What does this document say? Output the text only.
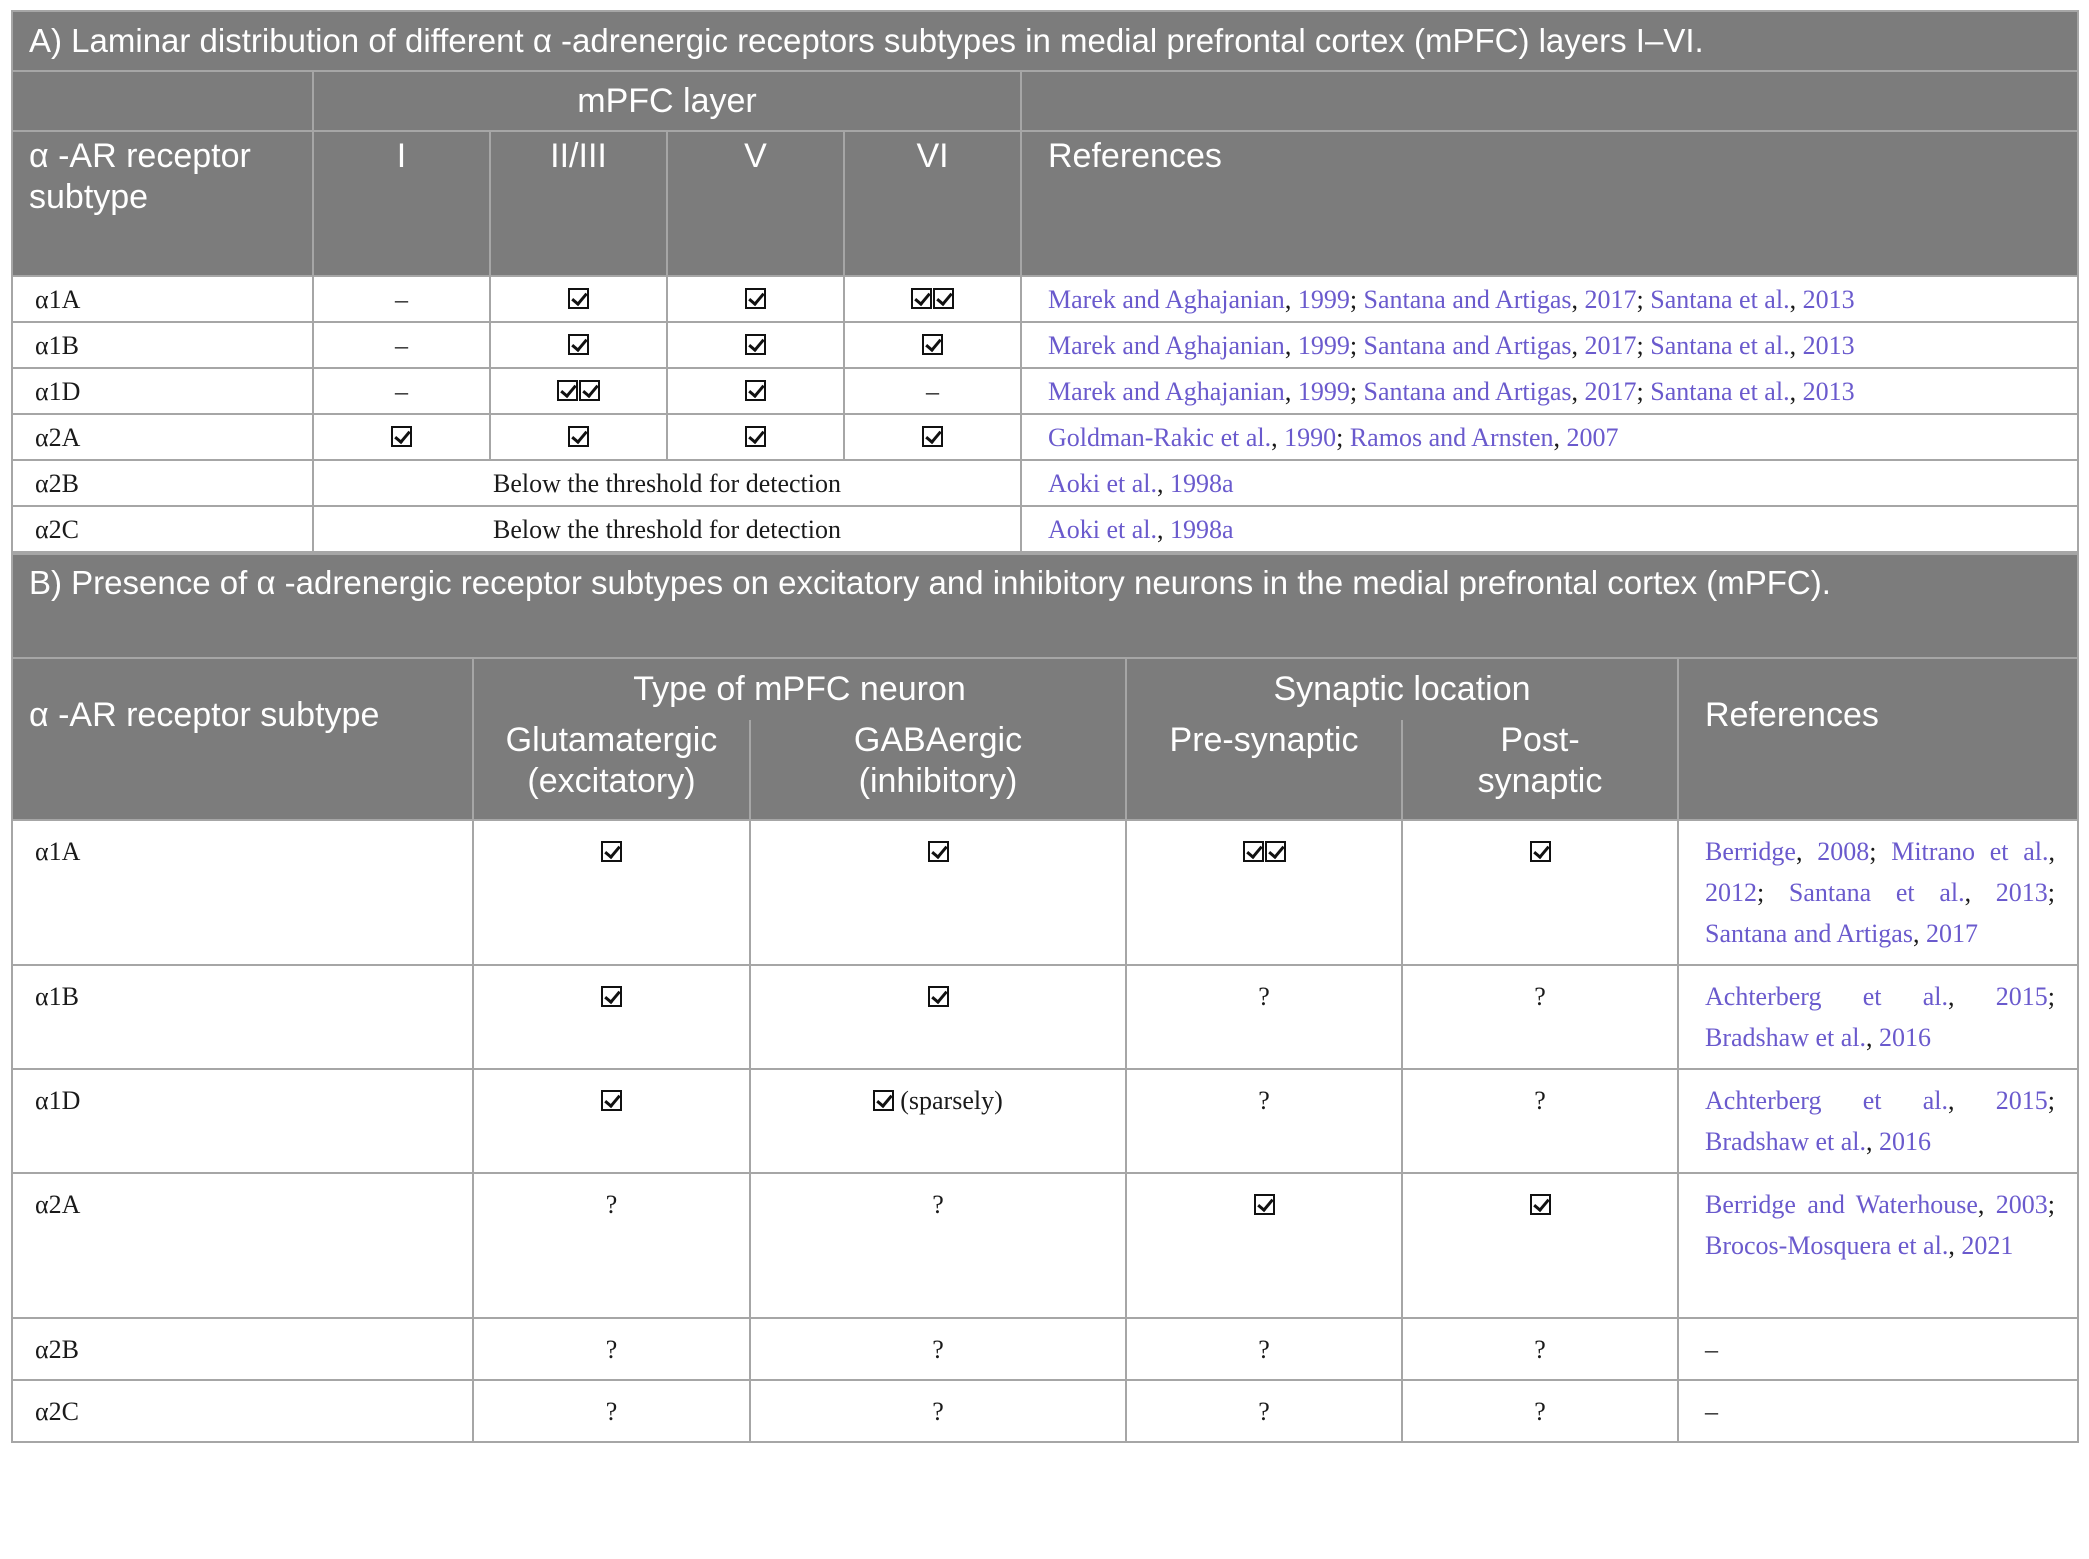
A) Laminar distribution of different α -adrenergic receptors subtypes in medial prefrontal cortex (mPFC) layers I–VI.					
	mPFC layer				
α -AR receptor subtype	I	II/III	V	VI	References
α1A	–				Marek and Aghajanian, 1999; Santana and Artigas, 2017; Santana et al., 2013
α1B	–				Marek and Aghajanian, 1999; Santana and Artigas, 2017; Santana et al., 2013
α1D	–			–	Marek and Aghajanian, 1999; Santana and Artigas, 2017; Santana et al., 2013
α2A					Goldman-Rakic et al., 1990; Ramos and Arnsten, 2007
α2B	Below the threshold for detection				Aoki et al., 1998a
α2C	Below the threshold for detection				Aoki et al., 1998a
B) Presence of α -adrenergic receptor subtypes on excitatory and inhibitory neurons in the medial prefrontal cortex (mPFC).					
α -AR receptor subtype	Type of mPFC neuron		Synaptic location		References
	Glutamatergic (excitatory)	GABAergic (inhibitory)	Pre-synaptic	Post-synaptic	
α1A					Berridge, 2008; Mitrano et al., 2012; Santana et al., 2013; Santana and Artigas, 2017
α1B			?	?	Achterberg et al., 2015; Bradshaw et al., 2016
α1D		(sparsely)	?	?	Achterberg et al., 2015; Bradshaw et al., 2016
α2A	?	?			Berridge and Waterhouse, 2003; Brocos-Mosquera et al., 2021
α2B	?	?	?	?	–
α2C	?	?	?	?	–
